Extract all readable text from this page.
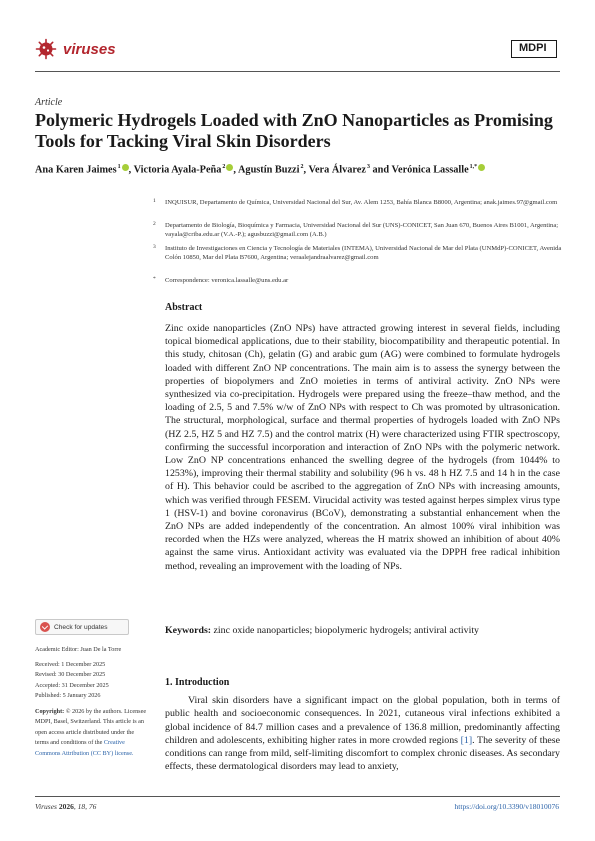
viruses	MDPI
Article
Polymeric Hydrogels Loaded with ZnO Nanoparticles as Promising Tools for Tacking Viral Skin Disorders
Ana Karen Jaimes$^1$ , Victoria Ayala-Peña$^2$ , Agustín Buzzi$^2$, Vera Álvarez$^3$ and Verónica Lassalle$^{1,*}$
1 INQUISUR, Departamento de Química, Universidad Nacional del Sur, Av. Alem 1253, Bahía Blanca B8000, Argentina; anak.jaimes.97@gmail.com
2 Departamento de Biología, Bioquímica y Farmacia, Universidad Nacional del Sur (UNS)-CONICET, San Juan 670, Buenos Aires B1001, Argentina; vayala@criba.edu.ar (V.A.-P.); agusbuzzi@gmail.com (A.B.)
3 Instituto de Investigaciones en Ciencia y Tecnología de Materiales (INTEMA), Universidad Nacional de Mar del Plata (UNMdP)-CONICET, Avenida Colón 10850, Mar del Plata B7600, Argentina; veraalejandraalvarez@gmail.com
* Correspondence: veronica.lassalle@uns.edu.ar
Abstract
Zinc oxide nanoparticles (ZnO NPs) have attracted growing interest in several fields, including topical biomedical applications, due to their stability, biocompatibility and therapeutic potential. In this study, chitosan (Ch), gelatin (G) and arabic gum (AG) were combined to formulate hydrogels loaded with different ZnO NP concentrations. The main aim is to assess the synergy between the properties of biopolymers and ZnO moieties in terms of antiviral activity. ZnO NPs were synthesized via co-precipitation. Hydrogels were prepared using the freeze–thaw method, and the loading of 2.5, 5 and 7.5% w/w of ZnO NPs with respect to Ch was promoted by ultrasonication. The structural, morphological, surface and thermal properties of hydrogels loaded with ZnO NPs (HZ 2.5, HZ 5 and HZ 7.5) and the control matrix (H) were characterized using FTIR spectroscopy, confirming the successful incorporation and interaction of ZnO NPs with the polymeric network. Low ZnO NP concentrations enhanced the swelling degree of the hydrogels (from 1044% to 1253%), improving their thermal stability and solubility (96 h vs. 48 h HZ 7.5 and 14 h in the case of H). This behavior could be ascribed to the aggregation of ZnO NPs with increasing amounts, which was verified through FESEM. Virucidal activity was tested against herpes simplex virus type 1 (HSV-1) and bovine coronavirus (BCoV), demonstrating a substantial enhancement when the ZnO NPs are added independently of the concentration. An almost 100% viral inhibition was recorded when the HZs were analyzed, whereas the H matrix showed an inhibition of about 40% against the same virus. Antioxidant activity was evaluated via the DPPH free radical inhibition method, revealing an improvement with the loading of NPs.
Keywords: zinc oxide nanoparticles; biopolymeric hydrogels; antiviral activity
Check for updates
Academic Editor: Juan De la Torre
Received: 1 December 2025
Revised: 30 December 2025
Accepted: 31 December 2025
Published: 5 January 2026
Copyright: © 2026 by the authors. Licensee MDPI, Basel, Switzerland. This article is an open access article distributed under the terms and conditions of the Creative Commons Attribution (CC BY) license.
1. Introduction
Viral skin disorders have a significant impact on the global population, both in terms of public health and socioeconomic consequences. In 2021, cutaneous viral infections exhibited a global incidence of 84.7 million cases and a prevalence of 136.8 million, predominantly affecting children and adolescents, exhibiting higher rates in more crowded regions [1]. The severity of these conditions can range from mild, self-limiting discomfort to complex chronic diseases. As secondary effects, these dermatological disorders may lead to anxiety,
Viruses 2026, 18, 76	https://doi.org/10.3390/v18010076
